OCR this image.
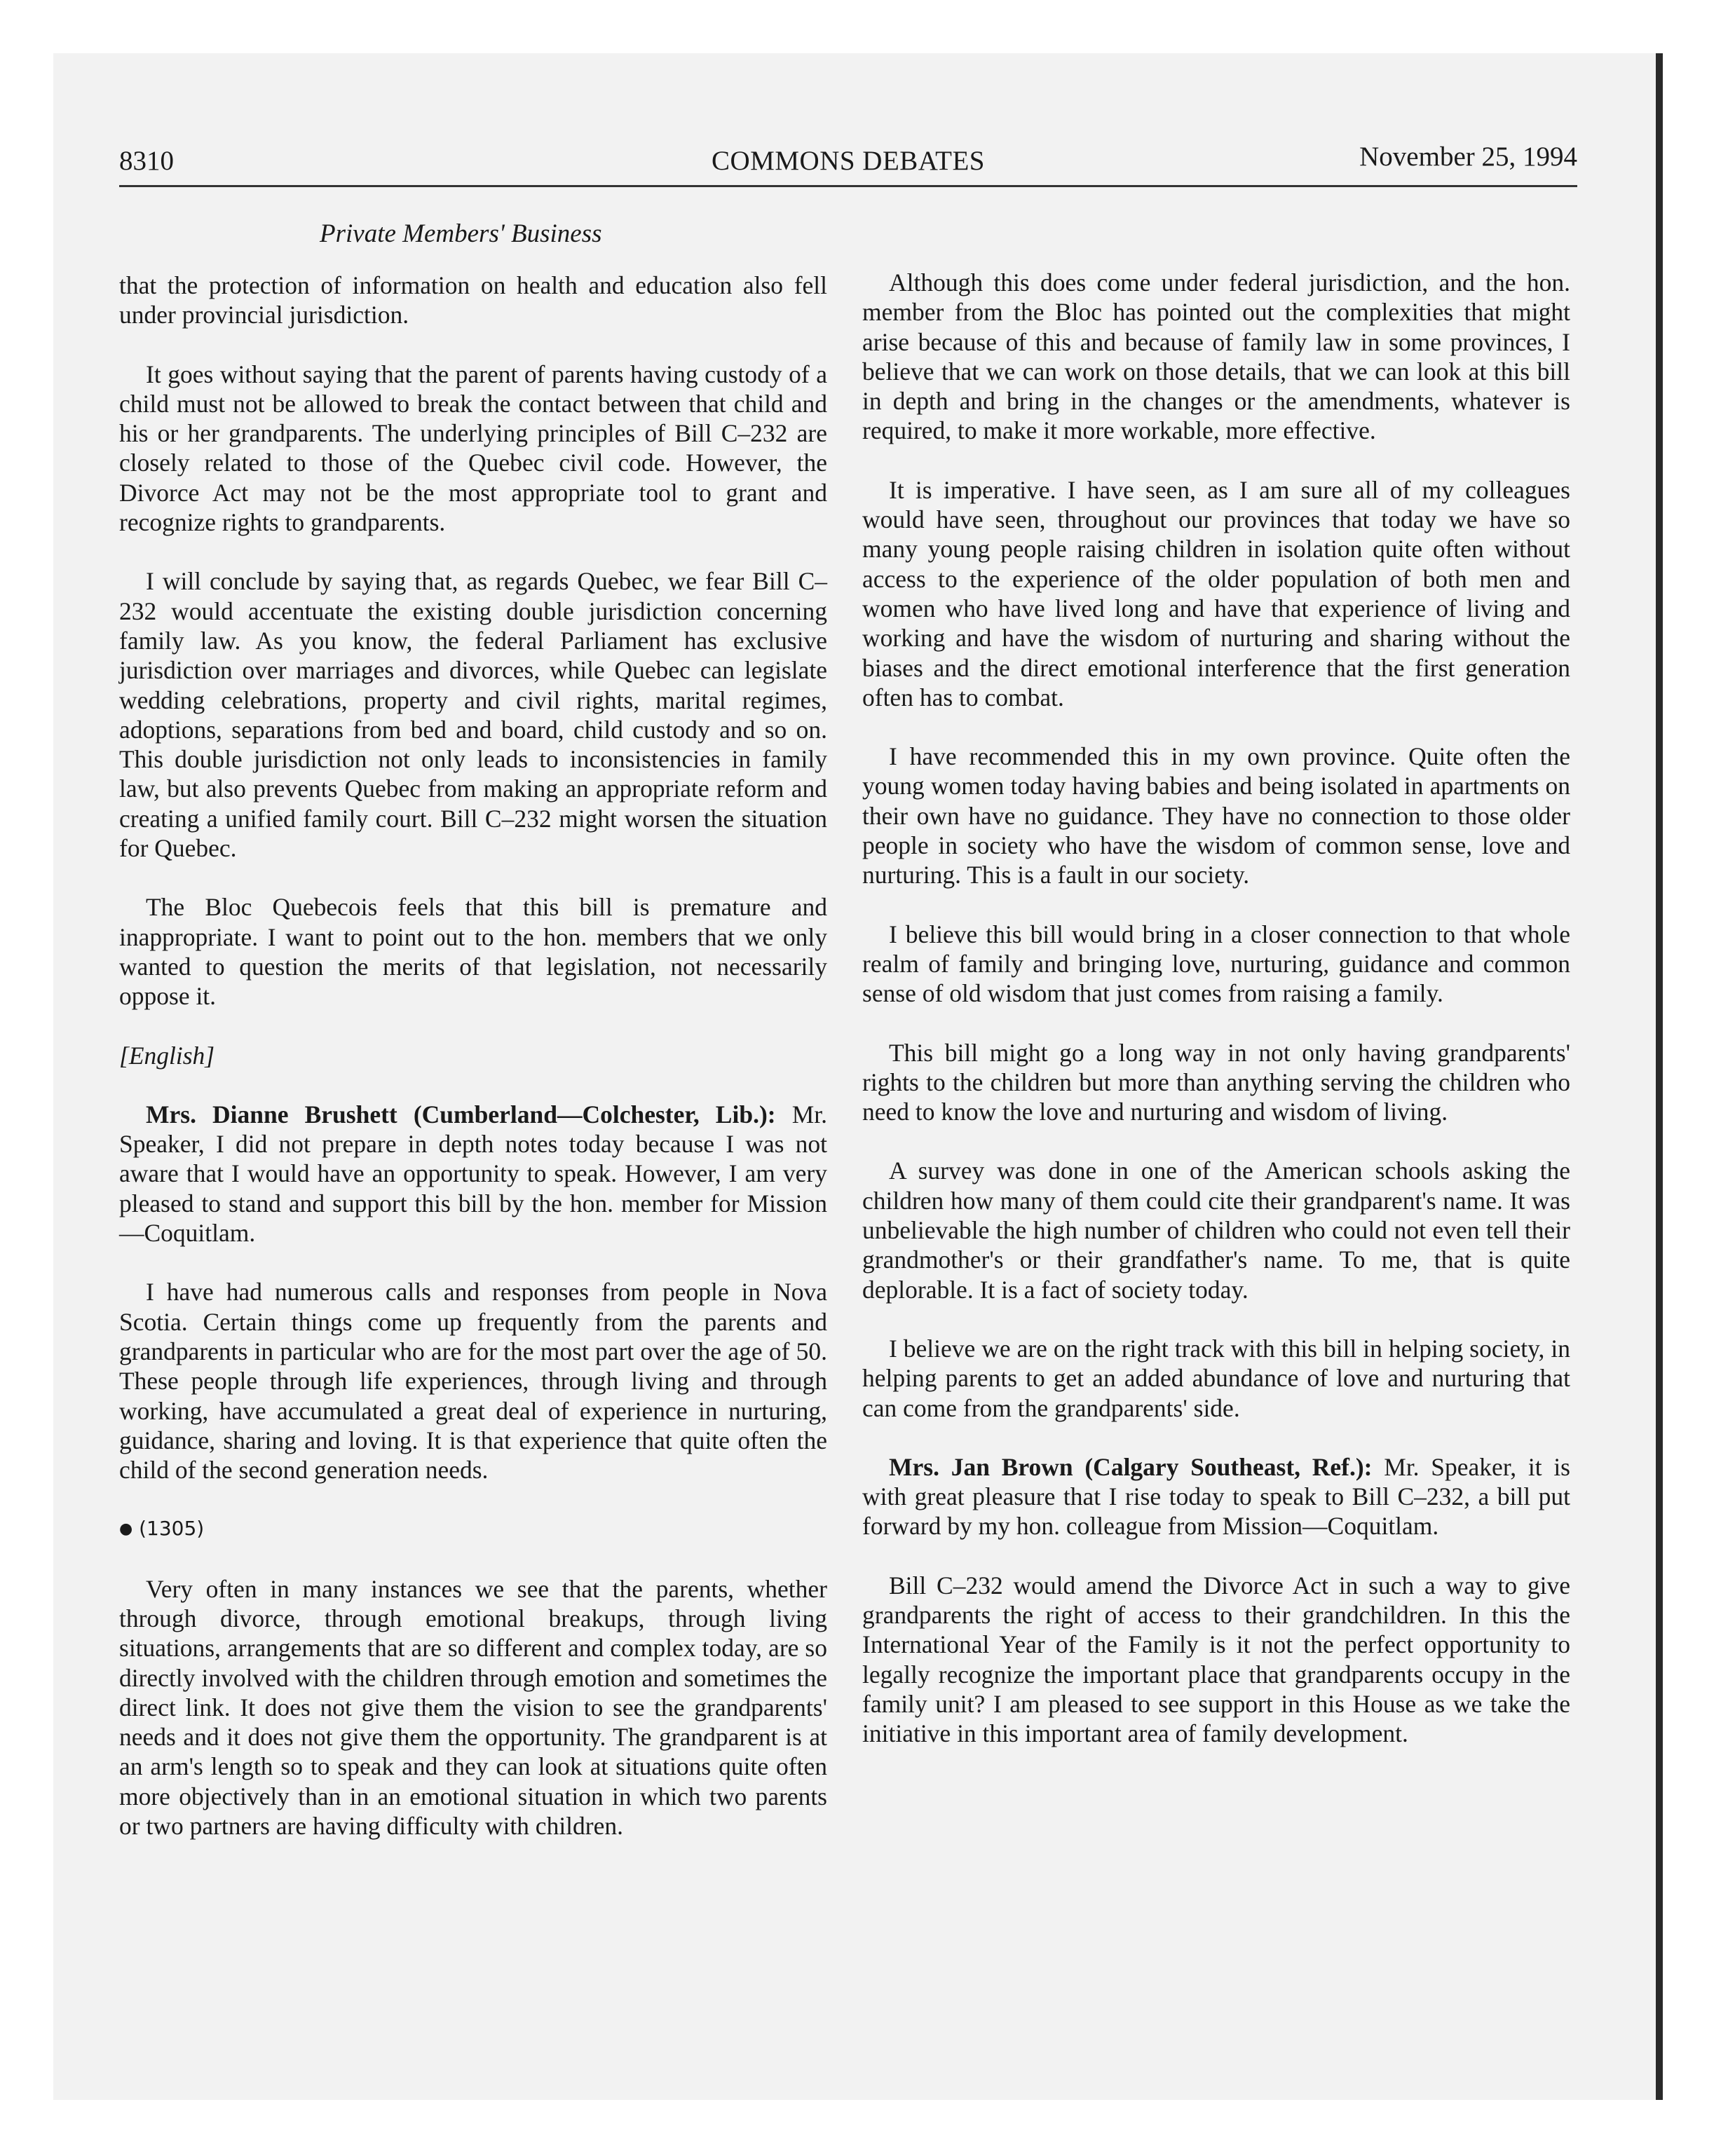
8310	COMMONS DEBATES	November 25, 1994
Private Members' Business

that the protection of information on health and education also fell under provincial jurisdiction.

It goes without saying that the parent of parents having custody of a child must not be allowed to break the contact between that child and his or her grandparents. The underlying principles of Bill C–232 are closely related to those of the Quebec civil code. However, the Divorce Act may not be the most appropriate tool to grant and recognize rights to grandparents.

I will conclude by saying that, as regards Quebec, we fear Bill C–232 would accentuate the existing double jurisdiction concerning family law. As you know, the federal Parliament has exclusive jurisdiction over marriages and divorces, while Quebec can legislate wedding celebrations, property and civil rights, marital regimes, adoptions, separations from bed and board, child custody and so on. This double jurisdiction not only leads to inconsistencies in family law, but also prevents Quebec from making an appropriate reform and creating a unified family court. Bill C–232 might worsen the situation for Quebec.

The Bloc Quebecois feels that this bill is premature and inappropriate. I want to point out to the hon. members that we only wanted to question the merits of that legislation, not necessarily oppose it.

[English]

Mrs. Dianne Brushett (Cumberland—Colchester, Lib.): Mr. Speaker, I did not prepare in depth notes today because I was not aware that I would have an opportunity to speak. However, I am very pleased to stand and support this bill by the hon. member for Mission—Coquitlam.

I have had numerous calls and responses from people in Nova Scotia. Certain things come up frequently from the parents and grandparents in particular who are for the most part over the age of 50. These people through life experiences, through living and through working, have accumulated a great deal of experience in nurturing, guidance, sharing and loving. It is that experience that quite often the child of the second generation needs.

● (1305)

Very often in many instances we see that the parents, whether through divorce, through emotional breakups, through living situations, arrangements that are so different and complex today, are so directly involved with the children through emotion and sometimes the direct link. It does not give them the vision to see the grandparents' needs and it does not give them the opportunity. The grandparent is at an arm's length so to speak and they can look at situations quite often more objectively than in an emotional situation in which two parents or two partners are having difficulty with children.

Although this does come under federal jurisdiction, and the hon. member from the Bloc has pointed out the complexities that might arise because of this and because of family law in some provinces, I believe that we can work on those details, that we can look at this bill in depth and bring in the changes or the amendments, whatever is required, to make it more workable, more effective.

It is imperative. I have seen, as I am sure all of my colleagues would have seen, throughout our provinces that today we have so many young people raising children in isolation quite often without access to the experience of the older population of both men and women who have lived long and have that experience of living and working and have the wisdom of nurturing and sharing without the biases and the direct emotional interference that the first generation often has to combat.

I have recommended this in my own province. Quite often the young women today having babies and being isolated in apartments on their own have no guidance. They have no connection to those older people in society who have the wisdom of common sense, love and nurturing. This is a fault in our society.

I believe this bill would bring in a closer connection to that whole realm of family and bringing love, nurturing, guidance and common sense of old wisdom that just comes from raising a family.

This bill might go a long way in not only having grandparents' rights to the children but more than anything serving the children who need to know the love and nurturing and wisdom of living.

A survey was done in one of the American schools asking the children how many of them could cite their grandparent's name. It was unbelievable the high number of children who could not even tell their grandmother's or their grandfather's name. To me, that is quite deplorable. It is a fact of society today.

I believe we are on the right track with this bill in helping society, in helping parents to get an added abundance of love and nurturing that can come from the grandparents' side.

Mrs. Jan Brown (Calgary Southeast, Ref.): Mr. Speaker, it is with great pleasure that I rise today to speak to Bill C–232, a bill put forward by my hon. colleague from Mission—Coquitlam.

Bill C–232 would amend the Divorce Act in such a way to give grandparents the right of access to their grandchildren. In this the International Year of the Family is it not the perfect opportunity to legally recognize the important place that grandparents occupy in the family unit? I am pleased to see support in this House as we take the initiative in this important area of family development.
